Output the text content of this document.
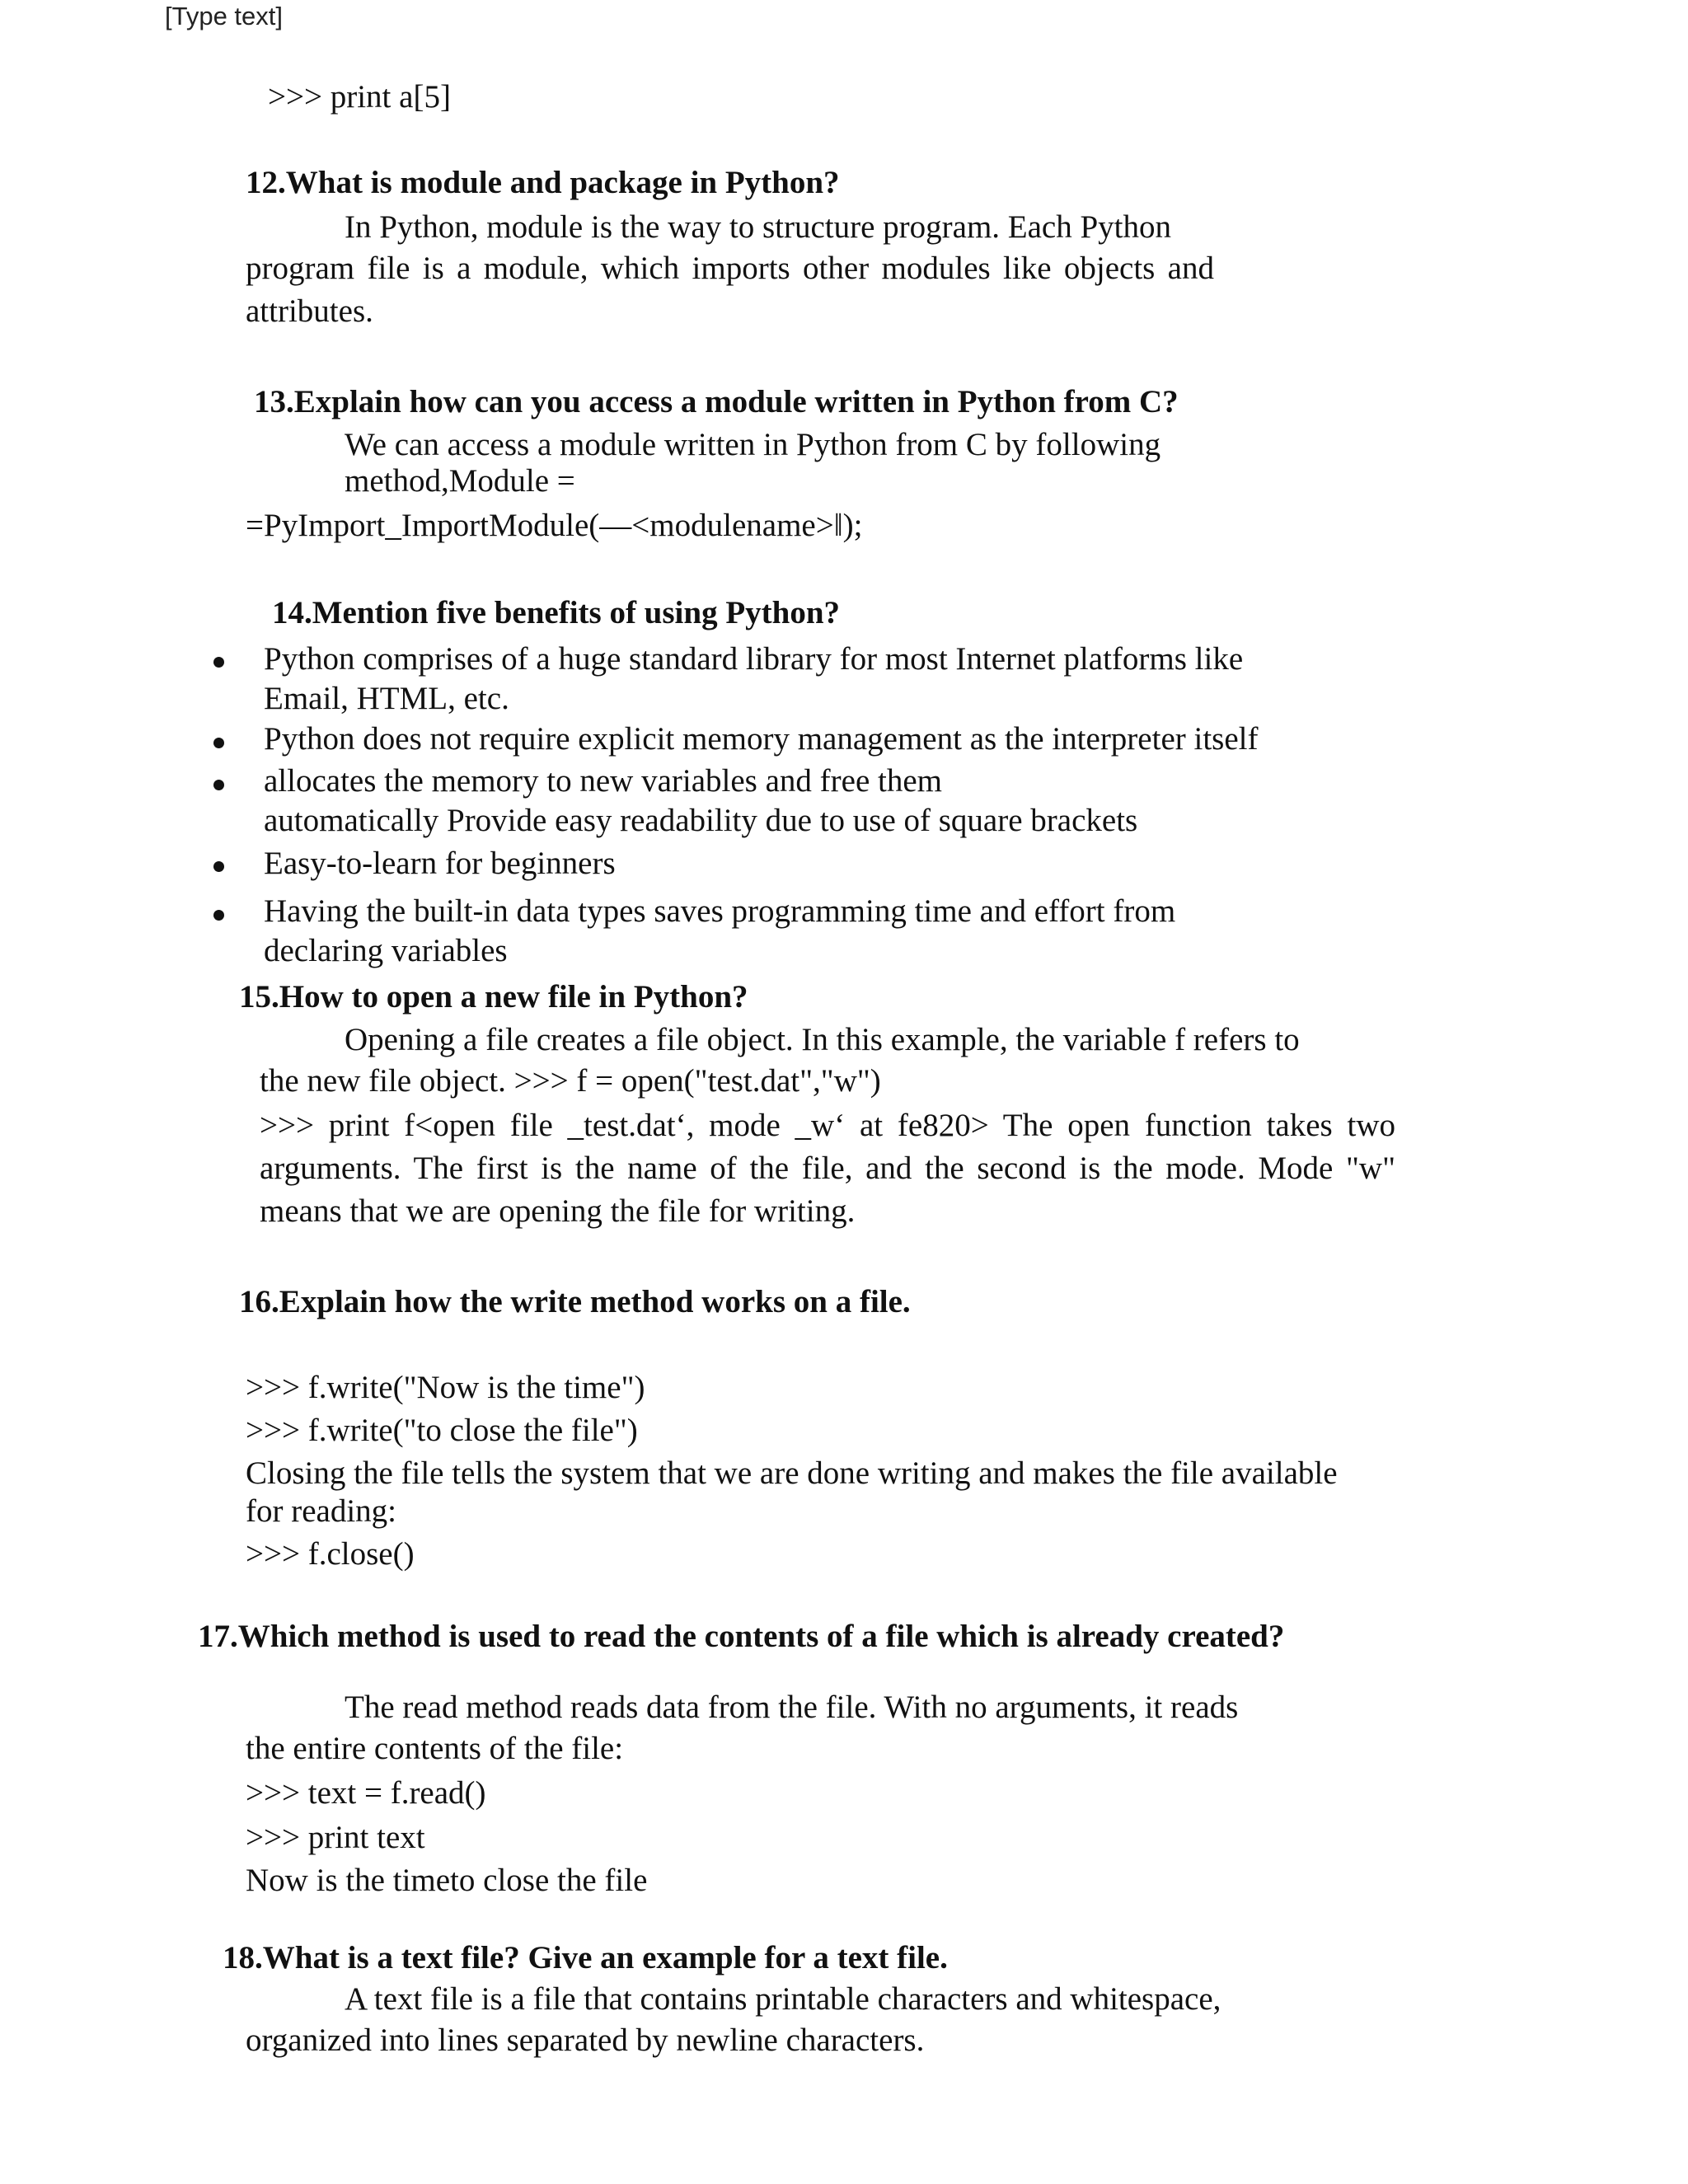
[Type text]
>>> print a[5]
12.What is module and package in Python?
In Python, module is the way to structure program. Each Python
program file is a module, which imports other modules like objects and
attributes.
13.Explain how can you access a module written in Python from C?
We can access a module written in Python from C by following
method,Module =
=PyImport_ImportModule(—<modulename>‖);
14.Mention five benefits of using Python?
Python comprises of a huge standard library for most Internet platforms like
Email, HTML, etc.
Python does not require explicit memory management as the interpreter itself
allocates the memory to new variables and free them
automatically Provide easy readability due to use of square brackets
Easy-to-learn for beginners
Having the built-in data types saves programming time and effort from
declaring variables
15.How to open a new file in Python?
Opening a file creates a file object. In this example, the variable f refers to
the new file object. >>> f = open("test.dat","w")
>>> print f<open file _test.dat‘, mode _w‘ at fe820> The open function takes two
arguments. The first is the name of the file, and the second is the mode. Mode "w"
means that we are opening the file for writing.
16.Explain how the write method works on a file.
>>> f.write("Now is the time")
>>> f.write("to close the file")
Closing the file tells the system that we are done writing and makes the file available
for reading:
>>> f.close()
17.Which method is used to read the contents of a file which is already created?
The read method reads data from the file. With no arguments, it reads
the entire contents of the file:
>>> text = f.read()
>>> print text
Now is the timeto close the file
18.What is a text file? Give an example for a text file.
A text file is a file that contains printable characters and whitespace,
organized into lines separated by newline characters.
